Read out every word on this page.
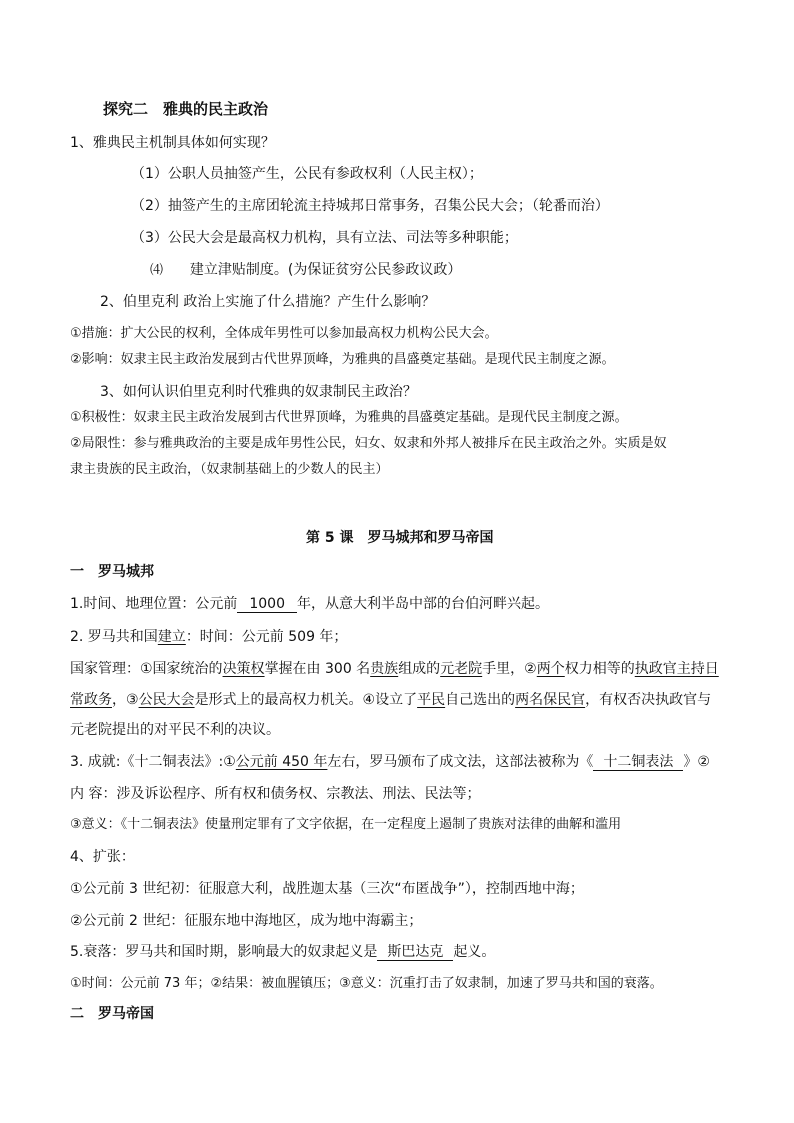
探究二　雅典的民主政治
1、雅典民主机制具体如何实现？
（1）公职人员抽签产生，公民有参政权利（人民主权）；
（2）抽签产生的主席团轮流主持城邦日常事务，召集公民大会；（轮番而治）
（3）公民大会是最高权力机构，具有立法、司法等多种职能；
⑷ 建立津贴制度。(为保证贫穷公民参政议政）
2、伯里克利 政治上实施了什么措施？产生什么影响？
①措施：扩大公民的权利，全体成年男性可以参加最高权力机构公民大会。
②影响：奴隶主民主政治发展到古代世界顶峰，为雅典的昌盛奠定基础。是现代民主制度之源。
3、如何认识伯里克利时代雅典的奴隶制民主政治？
①积极性：奴隶主民主政治发展到古代世界顶峰，为雅典的昌盛奠定基础。是现代民主制度之源。
②局限性：参与雅典政治的主要是成年男性公民，妇女、奴隶和外邦人被排斥在民主政治之外。实质是奴
隶主贵族的民主政治，（奴隶制基础上的少数人的民主）
第 5 课　罗马城邦和罗马帝国
一　罗马城邦
1.时间、地理位置：公元前 1000 年，从意大利半岛中部的台伯河畔兴起。
2. 罗马共和国建立：时间：公元前 509 年；
国家管理：①国家统治的决策权掌握在由 300 名贵族组成的元老院手里，②两个权力相等的执政官主持日
常政务，③公民大会是形式上的最高权力机关。④设立了平民自己选出的两名保民官，有权否决执政官与
元老院提出的对平民不利的决议。
3. 成就:《十二铜表法》:①公元前 450 年左右，罗马颁布了成文法，这部法被称为《 十二铜表法 》②
内 容：涉及诉讼程序、所有权和债务权、宗教法、刑法、民法等；
③意义：《十二铜表法》使量刑定罪有了文字依据，在一定程度上遏制了贵族对法律的曲解和滥用
4、扩张：
①公元前 3 世纪初：征服意大利，战胜迦太基（三次“布匿战争”），控制西地中海；
②公元前 2 世纪：征服东地中海地区，成为地中海霸主；
5.衰落：罗马共和国时期，影响最大的奴隶起义是 斯巴达克 起义。
①时间：公元前 73 年；②结果：被血腥镇压；③意义：沉重打击了奴隶制，加速了罗马共和国的衰落。
二　罗马帝国
